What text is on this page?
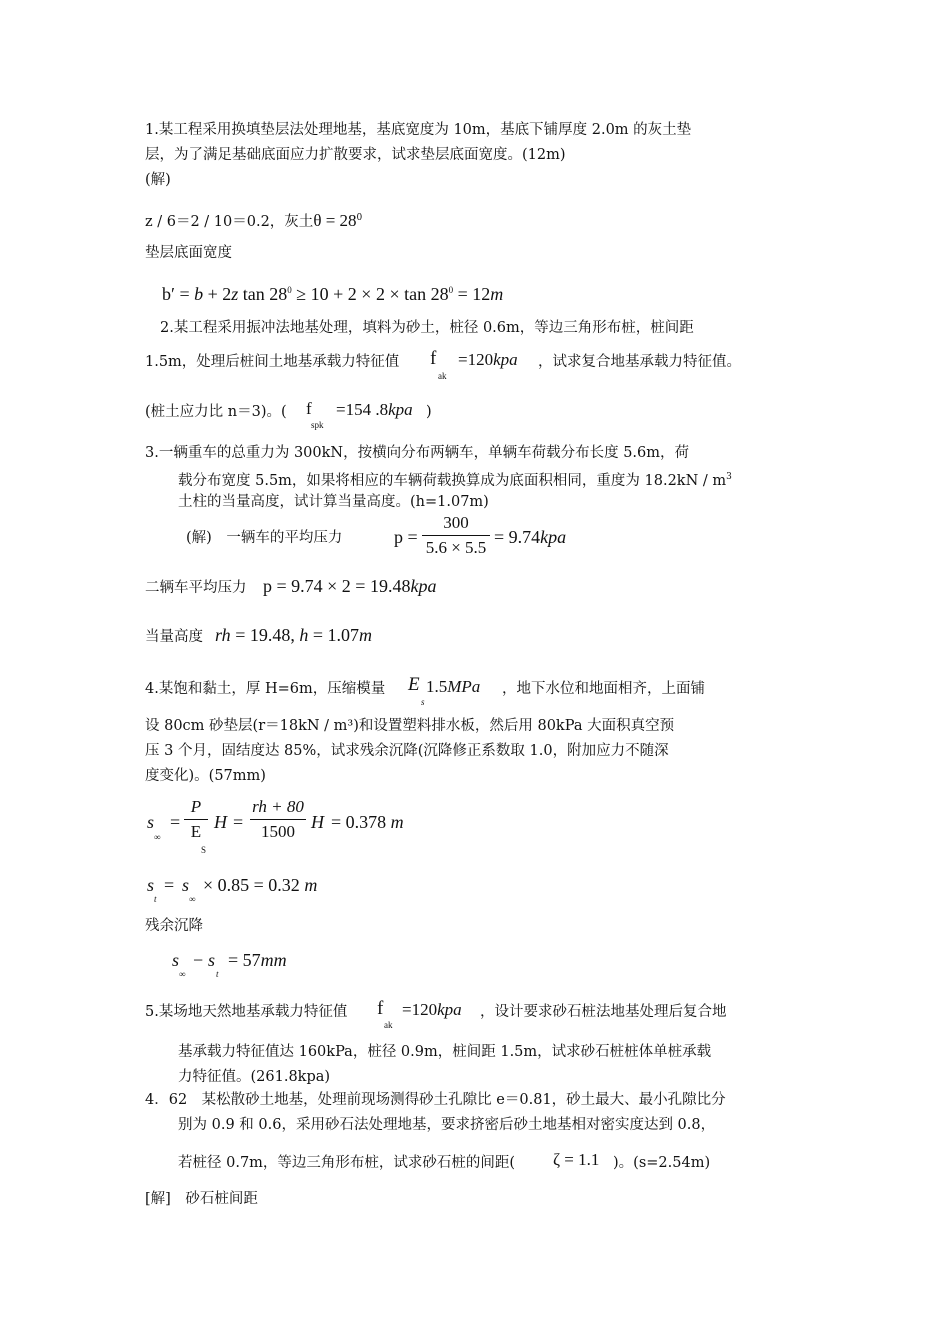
1.某工程采用换填垫层法处理地基，基底宽度为 10m，基底下铺厚度 2.0m 的灰土垫
层，为了满足基础底面应力扩散要求，试求垫层底面宽度。(12m)
(解)
z / 6＝2 / 10＝0.2，灰土$\theta = 28^0$
垫层底面宽度
b′ = b + 2z $\tan 28^0 \ge 10 + 2 \times 2 \times \tan 28^0 = 12m$
2.某工程采用振冲法地基处理，填料为砂土，桩径 0.6m，等边三角形布桩，桩间距
1.5m，处理后桩间土地基承载力特征值 f
ak
=120kpa ，试求复合地基承载力特征值。
(桩土应力比 n＝3)。( f
spk
=154 .8kpa )
3.一辆重车的总重力为 300kN，按横向分布两辆车，单辆车荷载分布长度 5.6m，荷
载分布宽度 5.5m，如果将相应的车辆荷载换算成为底面积相同，重度为 $18.2kN / m^3$
土柱的当量高度，试计算当量高度。(h=1.07m)
(解)　一辆车的平均压力	p =
300
5.6 × 5.5
= 9.74kpa
二辆车平均压力 p = 9.74 × 2 = 19.48kpa
当量高度 rh = 19.48, h = 1.07m
4.某饱和黏土，厚 H=6m，压缩模量 E
s
1.5MPa ，地下水位和地面相齐，上面铺
设 80cm 砂垫层(r＝18kN / m³)和设置塑料排水板，然后用 80kPa 大面积真空预
压 3 个月，固结度达 85%，试求残余沉降(沉降修正系数取 1.0，附加应力不随深
度变化)。(57mm)
s
∞
=
P
E
S
H =
rh + 80
1500 H = 0.378 m
s
t
= s
∞
× 0.85 = 0.32 m
残余沉降
s
∞
− s
t
= 57mm
5.某场地天然地基承载力特征值 f
ak
=120kpa ，设计要求砂石桩法地基处理后复合地
基承载力特征值达 160kPa，桩径 0.9m，桩间距 1.5m，试求砂石桩桩体单桩承载
力特征值。(261.8kpa)
4．62　某松散砂土地基，处理前现场测得砂土孔隙比 e＝0.81，砂土最大、最小孔隙比分
别为 0.9 和 0.6，采用砂石法处理地基，要求挤密后砂土地基相对密实度达到 0.8，
若桩径 0.7m，等边三角形布桩，试求砂石桩的间距( ζ = 1.1 )。(s=2.54m)
[解]　砂石桩间距
